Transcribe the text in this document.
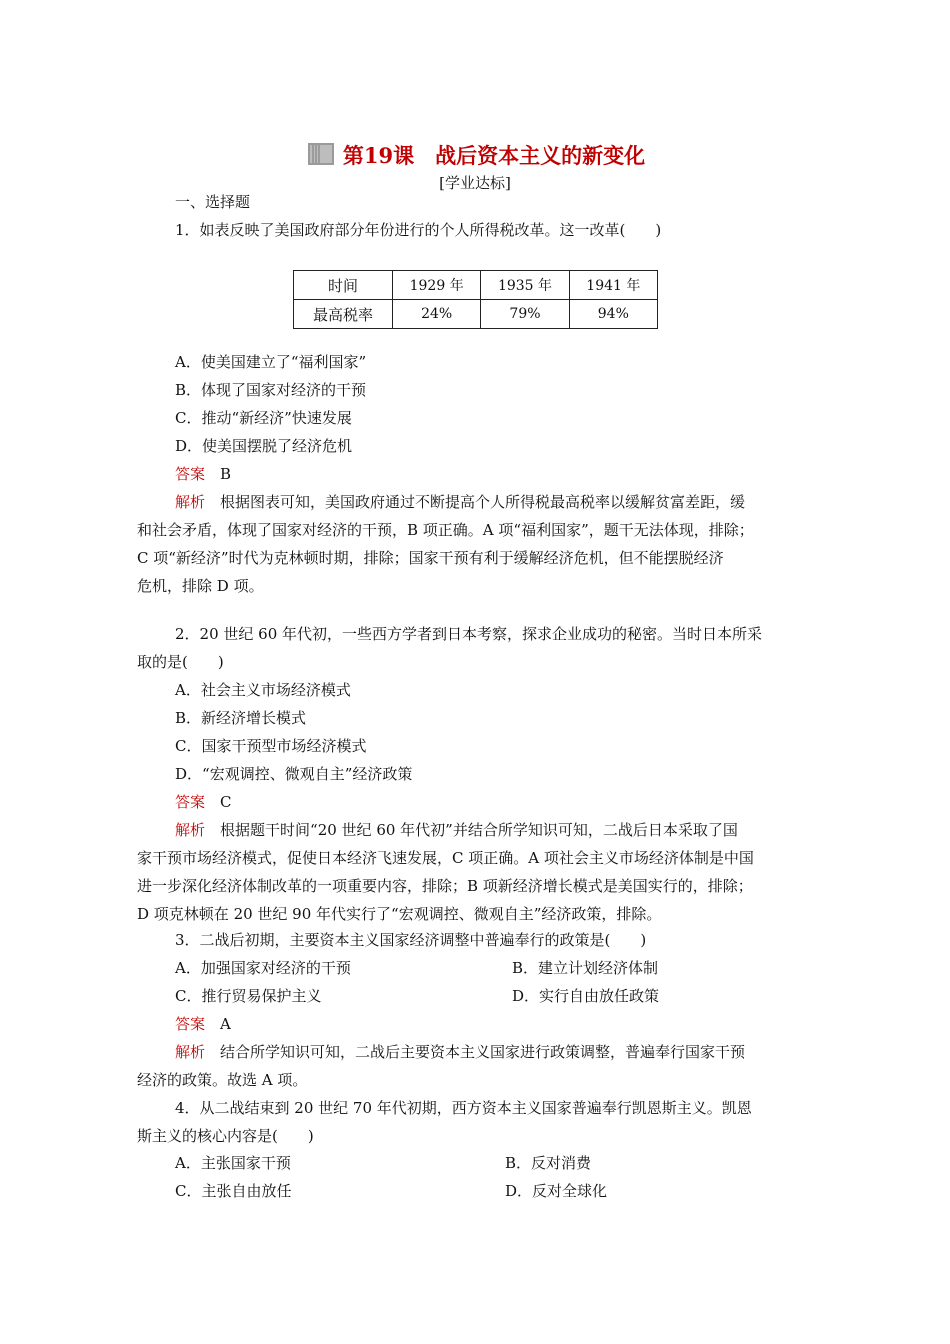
第19课　战后资本主义的新变化
[学业达标]
一、选择题
1．如表反映了美国政府部分年份进行的个人所得税改革。这一改革(　　)
时间	1929 年	1935 年	1941 年
最高税率	24%	79%	94%
A．使美国建立了“福利国家”
B．体现了国家对经济的干预
C．推动“新经济”快速发展
D．使美国摆脱了经济危机
答案　 B
解析　 根据图表可知，美国政府通过不断提高个人所得税最高税率以缓解贫富差距，缓
和社会矛盾，体现了国家对经济的干预，B 项正确。A 项“福利国家”，题干无法体现，排除；
C 项“新经济”时代为克林顿时期，排除；国家干预有利于缓解经济危机，但不能摆脱经济
危机，排除 D 项。
2．20 世纪 60 年代初，一些西方学者到日本考察，探求企业成功的秘密。当时日本所采
取的是(　　)
A．社会主义市场经济模式
B．新经济增长模式
C．国家干预型市场经济模式
D．“宏观调控、微观自主”经济政策
答案　 C
解析　 根据题干时间“20 世纪 60 年代初”并结合所学知识可知，二战后日本采取了国
家干预市场经济模式，促使日本经济飞速发展，C 项正确。A 项社会主义市场经济体制是中国
进一步深化经济体制改革的一项重要内容，排除；B 项新经济增长模式是美国实行的，排除；
D 项克林顿在 20 世纪 90 年代实行了“宏观调控、微观自主”经济政策，排除。
3．二战后初期，主要资本主义国家经济调整中普遍奉行的政策是(　　)
A．加强国家对经济的干预	B．建立计划经济体制
C．推行贸易保护主义	D．实行自由放任政策
答案　 A
解析　 结合所学知识可知，二战后主要资本主义国家进行政策调整，普遍奉行国家干预
经济的政策。故选 A 项。
4．从二战结束到 20 世纪 70 年代初期，西方资本主义国家普遍奉行凯恩斯主义。凯恩
斯主义的核心内容是(　　)
A．主张国家干预	B．反对消费
C．主张自由放任	D．反对全球化
